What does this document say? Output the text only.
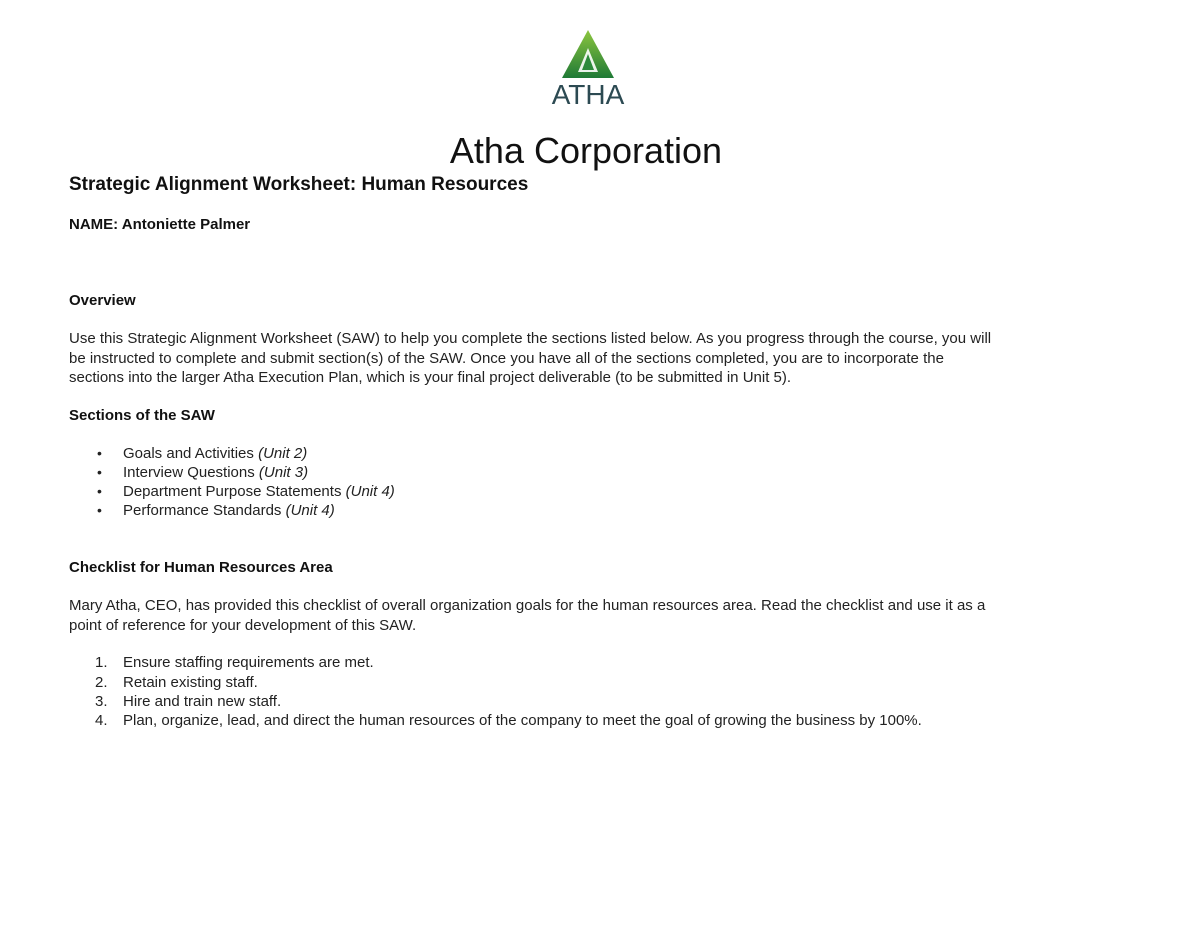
ATHA
Atha Corporation
Strategic Alignment Worksheet: Human Resources
NAME: Antoniette Palmer
Overview

Use this Strategic Alignment Worksheet (SAW) to help you complete the sections listed below. As you progress through the course, you will
be instructed to complete and submit section(s) of the SAW. Once you have all of the sections completed, you are to incorporate the
sections into the larger Atha Execution Plan, which is your final project deliverable (to be submitted in Unit 5).

Sections of the SAW
• Goals and Activities (Unit 2)
• Interview Questions (Unit 3)
• Department Purpose Statements (Unit 4)
• Performance Standards (Unit 4)
Checklist for Human Resources Area

Mary Atha, CEO, has provided this checklist of overall organization goals for the human resources area. Read the checklist and use it as a
point of reference for your development of this SAW.

1. Ensure staffing requirements are met.
2. Retain existing staff.
3. Hire and train new staff.
4. Plan, organize, lead, and direct the human resources of the company to meet the goal of growing the business by 100%.
